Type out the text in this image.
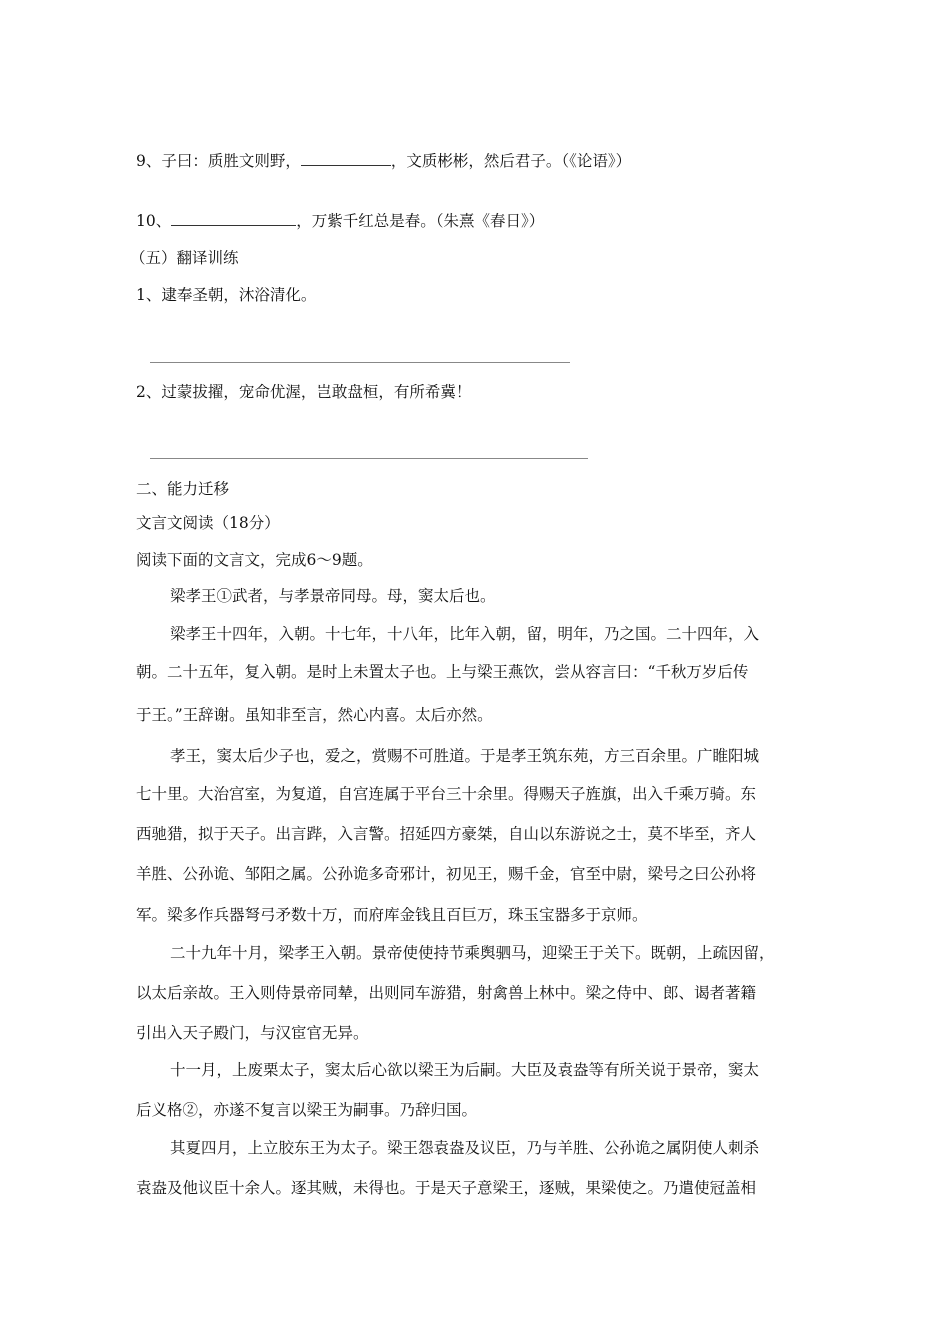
9、子曰：质胜文则野，	，文质彬彬，然后君子。（《论语》）
10、	，万紫千红总是春。（朱熹《春日》）
（五）翻译训练
1、逮奉圣朝，沐浴清化。
2、过蒙拔擢，宠命优渥，岂敢盘桓，有所希冀！
二、能力迁移
文言文阅读（18分）
阅读下面的文言文，完成6～9题。
梁孝王①武者，与孝景帝同母。母，窦太后也。
梁孝王十四年，入朝。十七年，十八年，比年入朝，留，明年，乃之国。二十四年，入
朝。二十五年，复入朝。是时上未置太子也。上与梁王燕饮，尝从容言曰：“千秋万岁后传
于王。”王辞谢。虽知非至言，然心内喜。太后亦然。
孝王，窦太后少子也，爱之，赏赐不可胜道。于是孝王筑东苑，方三百余里。广睢阳城
七十里。大治宫室，为复道，自宫连属于平台三十余里。得赐天子旌旗，出入千乘万骑。东
西驰猎，拟于天子。出言跸，入言警。招延四方豪桀，自山以东游说之士，莫不毕至，齐人
羊胜、公孙诡、邹阳之属。公孙诡多奇邪计，初见王，赐千金，官至中尉，梁号之曰公孙将
军。梁多作兵器弩弓矛数十万，而府库金钱且百巨万，珠玉宝器多于京师。
二十九年十月，梁孝王入朝。景帝使使持节乘舆驷马，迎梁王于关下。既朝，上疏因留，
以太后亲故。王入则侍景帝同辇，出则同车游猎，射禽兽上林中。梁之侍中、郎、谒者著籍
引出入天子殿门，与汉宦官无异。
十一月，上废栗太子，窦太后心欲以梁王为后嗣。大臣及袁盎等有所关说于景帝，窦太
后义格②，亦遂不复言以梁王为嗣事。乃辞归国。
其夏四月，上立胶东王为太子。梁王怨袁盎及议臣，乃与羊胜、公孙诡之属阴使人刺杀
袁盎及他议臣十余人。逐其贼，未得也。于是天子意梁王，逐贼，果梁使之。乃遣使冠盖相
